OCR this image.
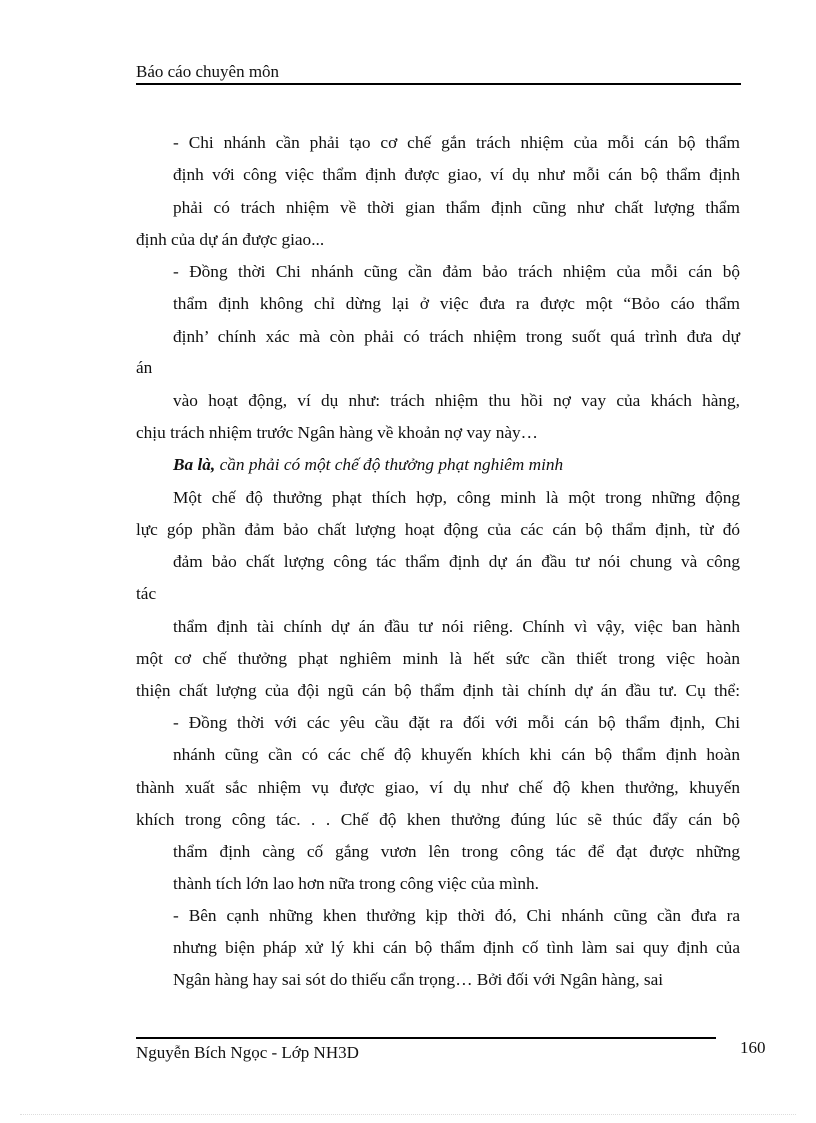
Báo cáo chuyên môn
- Chi nhánh cần phải tạo cơ chế gắn trách nhiệm của mỗi cán bộ thẩm
định với công việc thẩm định được giao, ví dụ như mỗi cán bộ thẩm định
phải có trách nhiệm về thời gian thẩm định cũng như chất lượng thẩm
định của dự án được giao...
- Đồng thời Chi nhánh cũng cần đảm bảo trách nhiệm của mỗi cán bộ
thẩm định không chỉ dừng lại ở việc đưa ra được một “Bỏo cáo thẩm
định’ chính xác mà còn phải có trách nhiệm trong suốt quá trình đưa dự
án
vào hoạt động, ví dụ như: trách nhiệm thu hồi nợ vay của khách hàng,
chịu trách nhiệm trước Ngân hàng về khoản nợ vay này…
Ba là, cần phải có một chế độ thưởng phạt nghiêm minh
Một chế độ thưởng phạt thích hợp, công minh là một trong những động
lực góp phần đảm bảo chất lượng hoạt động của các cán bộ thẩm định, từ đó
đảm bảo chất lượng công tác thẩm định dự án đầu tư nói chung và công
tác
thẩm định tài chính dự án đầu tư nói riêng. Chính vì vậy, việc ban hành
một cơ chế thưởng phạt nghiêm minh là hết sức cần thiết trong việc hoàn
thiện chất lượng của đội ngũ cán bộ thẩm định tài chính dự án đầu tư. Cụ thể:
- Đồng thời với các yêu cầu đặt ra đối với mỗi cán bộ thẩm định, Chi
nhánh cũng cần có các chế độ khuyến khích khi cán bộ thẩm định hoàn
thành xuất sắc nhiệm vụ được giao, ví dụ như chế độ khen thưởng, khuyến
khích trong công tác. . . Chế độ khen thưởng đúng lúc sẽ thúc đẩy cán bộ
thẩm định càng cố gắng vươn lên trong công tác để đạt được những
thành tích lớn lao hơn nữa trong công việc của mình.
- Bên cạnh những khen thưởng kịp thời đó, Chi nhánh cũng cần đưa ra
nhưng biện pháp xử lý khi cán bộ thẩm định cố tình làm sai quy định của
Ngân hàng hay sai sót do thiếu cẩn trọng… Bởi đối với Ngân hàng, sai
Nguyễn Bích Ngọc - Lớp NH3D	160
